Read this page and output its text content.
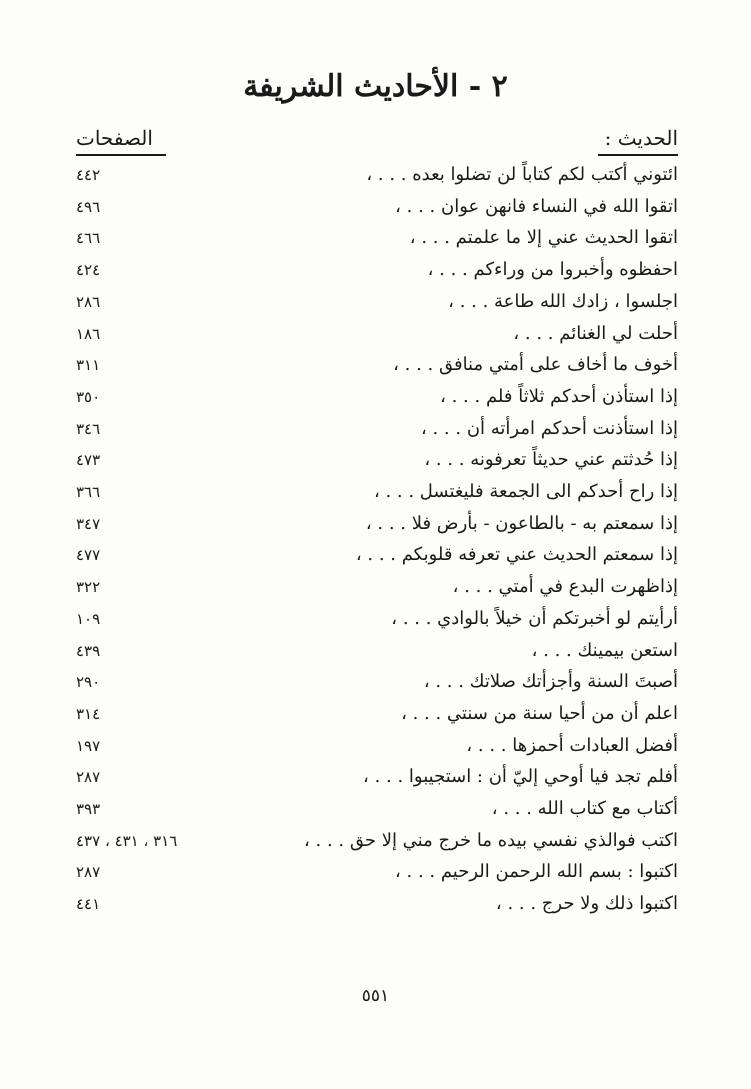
٢ - الأحاديث الشريفة
الحديث :
الصفحات
ائتوني أكتب لكم كتاباً لن تضلوا بعده . . . ،
٤٤٢
اتقوا الله في النساء فانهن عوان . . . ،
٤٩٦
اتقوا الحديث عني إلا ما علمتم . . . ،
٤٦٦
احفظوه وأخبروا من وراءكم . . . ،
٤٢٤
اجلسوا ، زادك الله طاعة . . . ،
٢٨٦
أحلت لي الغنائم . . . ،
١٨٦
أخوف ما أخاف على أمتي منافق . . . ،
٣١١
إذا استأذن أحدكم ثلاثاً فلم . . . ،
٣٥٠
إذا استأذنت أحدكم امرأته أن . . . ،
٣٤٦
إذا حُدثتم عني حديثاً تعرفونه . . . ،
٤٧٣
إذا راح أحدكم الى الجمعة فليغتسل . . . ،
٣٦٦
إذا سمعتم به - بالطاعون - بأرض فلا . . . ،
٣٤٧
إذا سمعتم الحديث عني تعرفه قلوبكم . . . ،
٤٧٧
إذاظهرت البدع في أمتي . . . ،
٣٢٢
أرأيتم لو أخبرتكم أن خيلاً بالوادي . . . ،
١٠٩
استعن بيمينك . . . ،
٤٣٩
أصبتَ السنة وأجزأتك صلاتك . . . ،
٢٩٠
اعلم أن من أحيا سنة من سنتي . . . ،
٣١٤
أفضل العبادات أحمزها . . . ،
١٩٧
أفلم تجد فيا أوحي إليّ أن : استجيبوا . . . ،
٢٨٧
أكتاب مع كتاب الله . . . ،
٣٩٣
اكتب فوالذي نفسي بيده ما خرج مني إلا حق . . . ،
٣١٦ ، ٤٣١ ، ٤٣٧
اكتبوا : بسم الله الرحمن الرحيم . . . ،
٢٨٧
اكتبوا ذلك ولا حرج . . . ،
٤٤١
٥٥١
